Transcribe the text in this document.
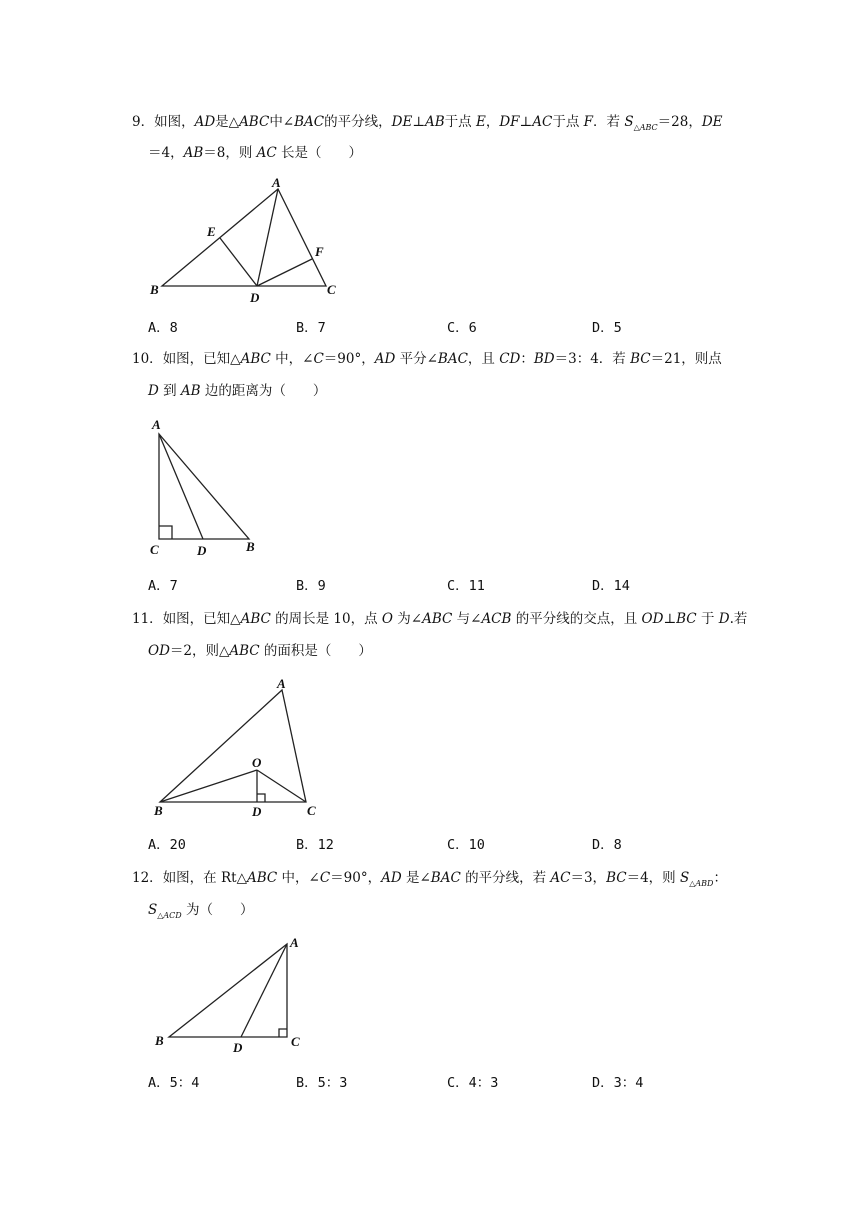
9．如图，AD是△ABC中∠BAC的平分线，DE⊥AB于点 E，DF⊥AC于点 F．若 $S_{\triangle ABC}=28$，DE
＝4，AB＝8，则 AC 长是（　　）
A．8	B．7	C．6	D．5
10．如图，已知△ABC 中，∠C＝90°，AD 平分∠BAC，且 CD：BD＝3：4．若 BC＝21，则点
D 到 AB 边的距离为（　　）
A．7	B．9	C．11	D．14
11．如图，已知△ABC 的周长是 10，点 O 为∠ABC 与∠ACB 的平分线的交点，且 OD⊥BC 于 D.若
OD＝2，则△ABC 的面积是（　　）
A．20	B．12	C．10	D．8
12．如图，在 Rt△ABC 中，∠C＝90°，AD 是∠BAC 的平分线，若 AC＝3，BC＝4，则 $S_{\triangle ABD}$：
$S_{\triangle ACD}$ 为（　　）
A．5：4	B．5：3	C．4：3	D．3：4
A
B	C
D
E
F
A
C	D	B
A
B	C
D
O
A
B	D	C
